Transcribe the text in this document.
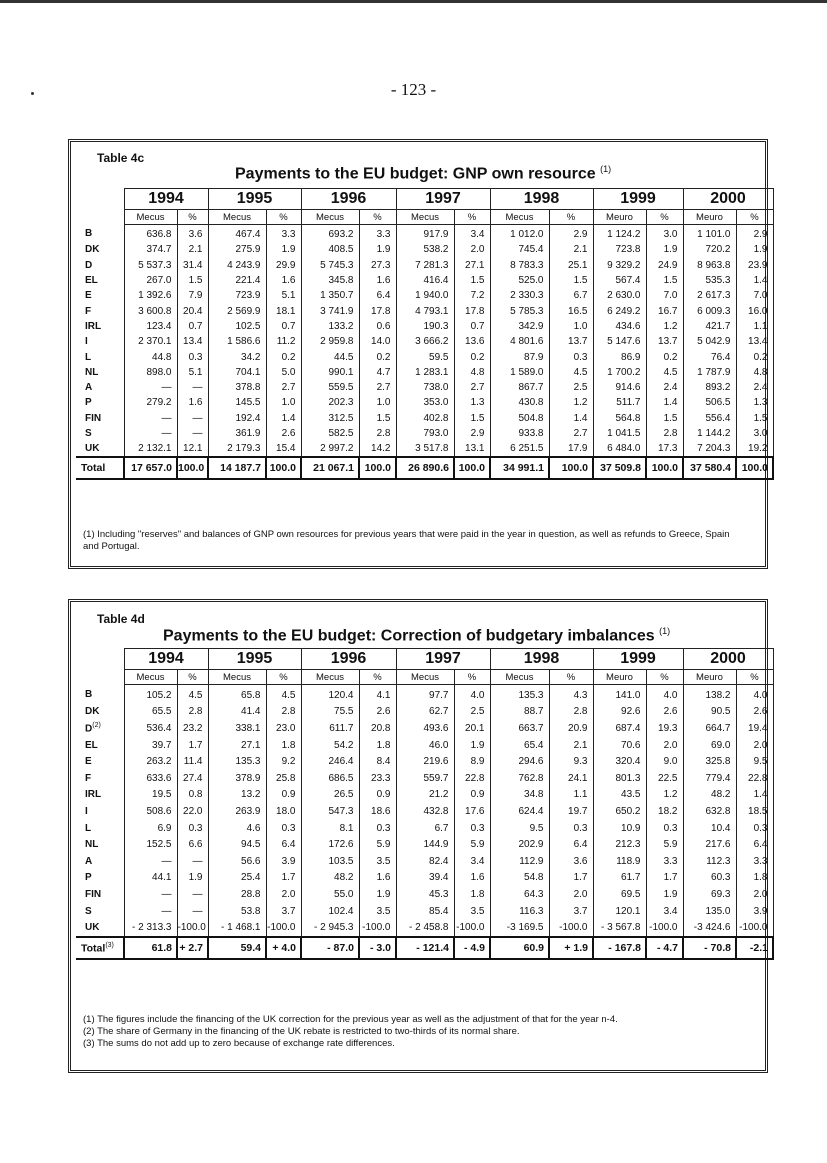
- 123 -
Table 4c
Payments to the EU budget: GNP own resource $^{(1)}$
	1994		1995		1996		1997		1998		1999		2000	
	Mecus	%	Mecus	%	Mecus	%	Mecus	%	Mecus	%	Meuro	%	Meuro	%
B	636.8	3.6	467.4	3.3	693.2	3.3	917.9	3.4	1 012.0	2.9	1 124.2	3.0	1 101.0	2.9
DK	374.7	2.1	275.9	1.9	408.5	1.9	538.2	2.0	745.4	2.1	723.8	1.9	720.2	1.9
D	5 537.3	31.4	4 243.9	29.9	5 745.3	27.3	7 281.3	27.1	8 783.3	25.1	9 329.2	24.9	8 963.8	23.9
EL	267.0	1.5	221.4	1.6	345.8	1.6	416.4	1.5	525.0	1.5	567.4	1.5	535.3	1.4
E	1 392.6	7.9	723.9	5.1	1 350.7	6.4	1 940.0	7.2	2 330.3	6.7	2 630.0	7.0	2 617.3	7.0
F	3 600.8	20.4	2 569.9	18.1	3 741.9	17.8	4 793.1	17.8	5 785.3	16.5	6 249.2	16.7	6 009.3	16.0
IRL	123.4	0.7	102.5	0.7	133.2	0.6	190.3	0.7	342.9	1.0	434.6	1.2	421.7	1.1
I	2 370.1	13.4	1 586.6	11.2	2 959.8	14.0	3 666.2	13.6	4 801.6	13.7	5 147.6	13.7	5 042.9	13.4
L	44.8	0.3	34.2	0.2	44.5	0.2	59.5	0.2	87.9	0.3	86.9	0.2	76.4	0.2
NL	898.0	5.1	704.1	5.0	990.1	4.7	1 283.1	4.8	1 589.0	4.5	1 700.2	4.5	1 787.9	4.8
A	—	—	378.8	2.7	559.5	2.7	738.0	2.7	867.7	2.5	914.6	2.4	893.2	2.4
P	279.2	1.6	145.5	1.0	202.3	1.0	353.0	1.3	430.8	1.2	511.7	1.4	506.5	1.3
FIN	—	—	192.4	1.4	312.5	1.5	402.8	1.5	504.8	1.4	564.8	1.5	556.4	1.5
S	—	—	361.9	2.6	582.5	2.8	793.0	2.9	933.8	2.7	1 041.5	2.8	1 144.2	3.0
UK	2 132.1	12.1	2 179.3	15.4	2 997.2	14.2	3 517.8	13.1	6 251.5	17.9	6 484.0	17.3	7 204.3	19.2
Total	17 657.0	100.0	14 187.7	100.0	21 067.1	100.0	26 890.6	100.0	34 991.1	100.0	37 509.8	100.0	37 580.4	100.0
(1) Including "reserves" and balances of GNP own resources for previous years that were paid in the year in question, as well as refunds to Greece, Spain and Portugal.
Table 4d
Payments to the EU budget: Correction of budgetary imbalances $^{(1)}$
	1994		1995		1996		1997		1998		1999		2000	
	Mecus	%	Mecus	%	Mecus	%	Mecus	%	Mecus	%	Meuro	%	Meuro	%
B	105.2	4.5	65.8	4.5	120.4	4.1	97.7	4.0	135.3	4.3	141.0	4.0	138.2	4.0
DK	65.5	2.8	41.4	2.8	75.5	2.6	62.7	2.5	88.7	2.8	92.6	2.6	90.5	2.6
$D^{(2)}$	536.4	23.2	338.1	23.0	611.7	20.8	493.6	20.1	663.7	20.9	687.4	19.3	664.7	19.4
EL	39.7	1.7	27.1	1.8	54.2	1.8	46.0	1.9	65.4	2.1	70.6	2.0	69.0	2.0
E	263.2	11.4	135.3	9.2	246.4	8.4	219.6	8.9	294.6	9.3	320.4	9.0	325.8	9.5
F	633.6	27.4	378.9	25.8	686.5	23.3	559.7	22.8	762.8	24.1	801.3	22.5	779.4	22.8
IRL	19.5	0.8	13.2	0.9	26.5	0.9	21.2	0.9	34.8	1.1	43.5	1.2	48.2	1.4
I	508.6	22.0	263.9	18.0	547.3	18.6	432.8	17.6	624.4	19.7	650.2	18.2	632.8	18.5
L	6.9	0.3	4.6	0.3	8.1	0.3	6.7	0.3	9.5	0.3	10.9	0.3	10.4	0.3
NL	152.5	6.6	94.5	6.4	172.6	5.9	144.9	5.9	202.9	6.4	212.3	5.9	217.6	6.4
A	—	—	56.6	3.9	103.5	3.5	82.4	3.4	112.9	3.6	118.9	3.3	112.3	3.3
P	44.1	1.9	25.4	1.7	48.2	1.6	39.4	1.6	54.8	1.7	61.7	1.7	60.3	1.8
FIN	—	—	28.8	2.0	55.0	1.9	45.3	1.8	64.3	2.0	69.5	1.9	69.3	2.0
S	—	—	53.8	3.7	102.4	3.5	85.4	3.5	116.3	3.7	120.1	3.4	135.0	3.9
UK	- 2 313.3	-100.0	- 1 468.1	-100.0	- 2 945.3	-100.0	- 2 458.8	-100.0	-3 169.5	-100.0	- 3 567.8	-100.0	-3 424.6	-100.0
Total$^{(3)}$	61.8	+ 2.7	59.4	+ 4.0	- 87.0	- 3.0	- 121.4	- 4.9	60.9	+ 1.9	- 167.8	- 4.7	- 70.8	-2.1
(1) The figures include the financing of the UK correction for the previous year as well as the adjustment of that for the year n-4.
(2) The share of Germany in the financing of the UK rebate is restricted to two-thirds of its normal share.
(3) The sums do not add up to zero because of exchange rate differences.
